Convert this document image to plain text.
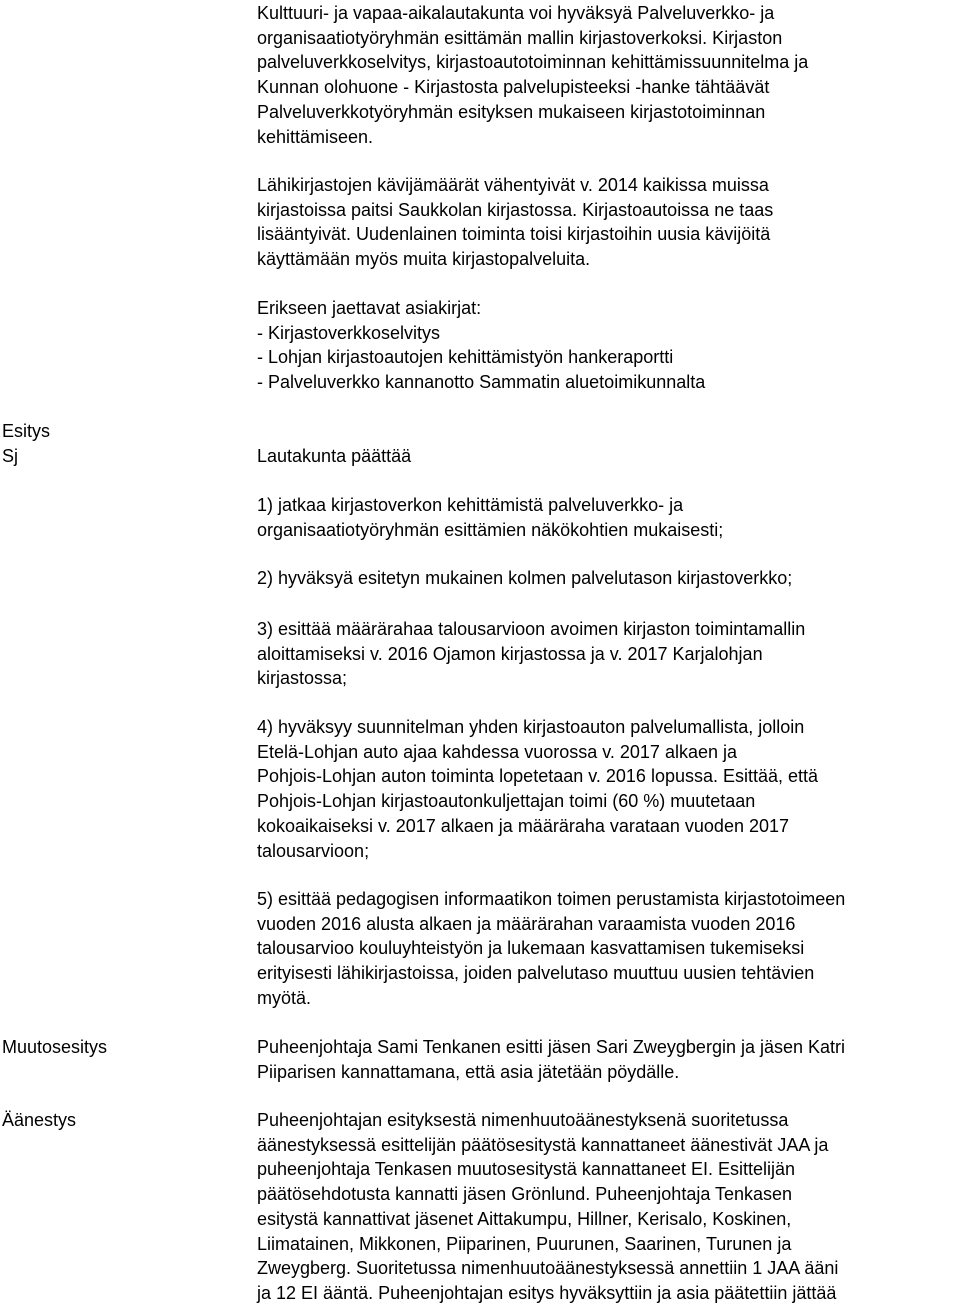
Kulttuuri- ja vapaa-aikalautakunta voi hyväksyä Palveluverkko- ja
organisaatiotyöryhmän esittämän mallin kirjastoverkoksi. Kirjaston
palveluverkkoselvitys, kirjastoautotoiminnan kehittämissuunnitelma ja
Kunnan olohuone - Kirjastosta palvelupisteeksi -hanke tähtäävät
Palveluverkkotyöryhmän esityksen mukaiseen kirjastotoiminnan
kehittämiseen.
Lähikirjastojen kävijämäärät vähentyivät v. 2014 kaikissa muissa
kirjastoissa paitsi Saukkolan kirjastossa. Kirjastoautoissa ne taas
lisääntyivät. Uudenlainen toiminta toisi kirjastoihin uusia kävijöitä
käyttämään myös muita kirjastopalveluita.
Erikseen jaettavat asiakirjat:
- Kirjastoverkkoselvitys
- Lohjan kirjastoautojen kehittämistyön hankeraportti
- Palveluverkko kannanotto Sammatin aluetoimikunnalta
Esitys
Sj	Lautakunta päättää
1) jatkaa kirjastoverkon kehittämistä palveluverkko- ja
organisaatiotyöryhmän esittämien näkökohtien mukaisesti;
2) hyväksyä esitetyn mukainen kolmen palvelutason kirjastoverkko;
3) esittää määrärahaa talousarvioon avoimen kirjaston toimintamallin
aloittamiseksi v. 2016 Ojamon kirjastossa ja v. 2017 Karjalohjan
kirjastossa;
4) hyväksyy suunnitelman yhden kirjastoauton palvelumallista, jolloin
Etelä-Lohjan auto ajaa kahdessa vuorossa v. 2017 alkaen ja
Pohjois-Lohjan auton toiminta lopetetaan v. 2016 lopussa. Esittää, että
Pohjois-Lohjan kirjastoautonkuljettajan toimi (60 %) muutetaan
kokoaikaiseksi v. 2017 alkaen ja määräraha varataan vuoden 2017
talousarvioon;
5) esittää pedagogisen informaatikon toimen perustamista kirjastotoimeen
vuoden 2016 alusta alkaen ja määrärahan varaamista vuoden 2016
talousarvioo kouluyhteistyön ja lukemaan kasvattamisen tukemiseksi
erityisesti lähikirjastoissa, joiden palvelutaso muuttuu uusien tehtävien
myötä.
Muutosesitys	Puheenjohtaja Sami Tenkanen esitti jäsen Sari Zweygbergin ja jäsen Katri
Piiparisen kannattamana, että asia jätetään pöydälle.
Äänestys	Puheenjohtajan esityksestä nimenhuutoäänestyksenä suoritetussa
äänestyksessä esittelijän päätösesitystä kannattaneet äänestivät JAA ja
puheenjohtaja Tenkasen muutosesitystä kannattaneet EI. Esittelijän
päätösehdotusta kannatti jäsen Grönlund. Puheenjohtaja Tenkasen
esitystä kannattivat jäsenet Aittakumpu, Hillner, Kerisalo, Koskinen,
Liimatainen, Mikkonen, Piiparinen, Puurunen, Saarinen, Turunen ja
Zweygberg. Suoritetussa nimenhuutoäänestyksessä annettiin 1 JAA ääni
ja 12 EI ääntä. Puheenjohtajan esitys hyväksyttiin ja asia päätettiin jättää
